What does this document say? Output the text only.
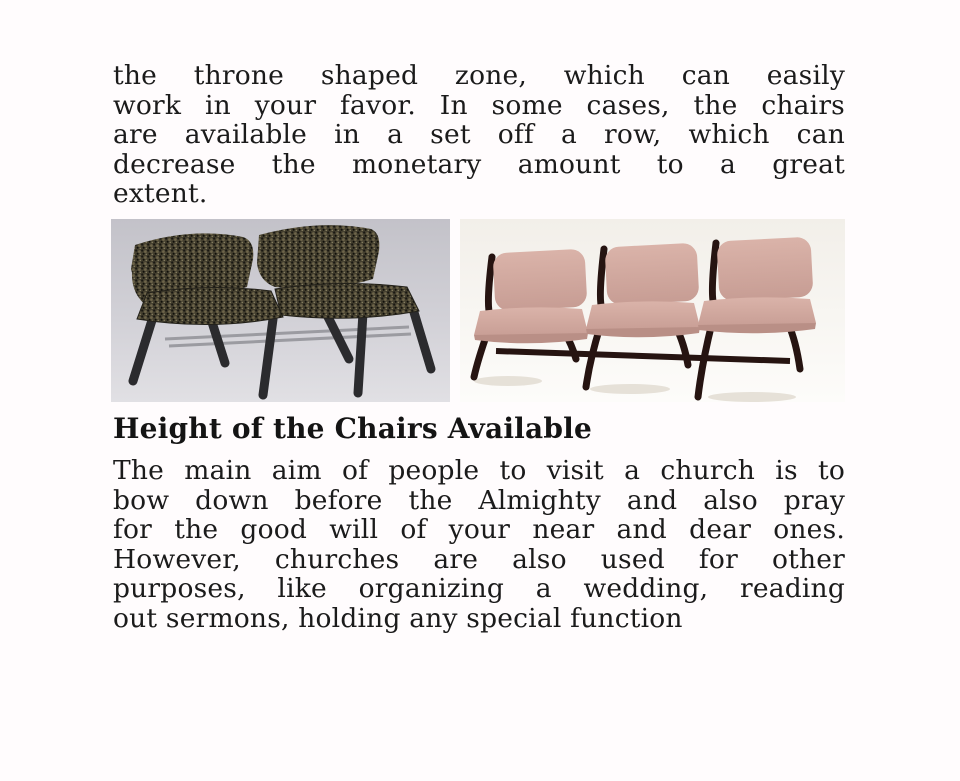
the throne shaped zone, which can easily
work in your favor. In some cases, the chairs
are available in a set off a row, which can
decrease the monetary amount to a great
extent.
Height of the Chairs Available
The main aim of people to visit a church is to
bow down before the Almighty and also pray
for the good will of your near and dear ones.
However, churches are also used for other
purposes, like organizing a wedding, reading
out sermons, holding any special function
